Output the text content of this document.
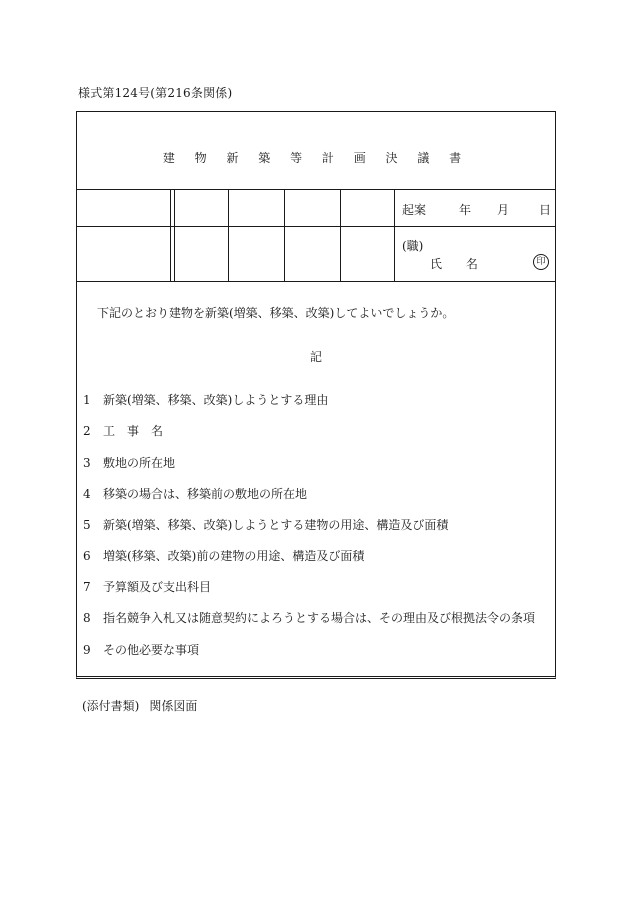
様式第124号(第216条関係)
建 物 新 築 等 計 画 決 議 書
起案	年 月 日
(職)
氏 名	印
下記のとおり建物を新築(増築、移築、改築)してよいでしょうか。
記
1 新築(増築、移築、改築)しようとする理由
2 工　事　名
3 敷地の所在地
4 移築の場合は、移築前の敷地の所在地
5 新築(増築、移築、改築)しようとする建物の用途、構造及び面積
6 増築(移築、改築)前の建物の用途、構造及び面積
7 予算額及び支出科目
8 指名競争入札又は随意契約によろうとする場合は、その理由及び根拠法令の条項
9 その他必要な事項
(添付書類) 関係図面
